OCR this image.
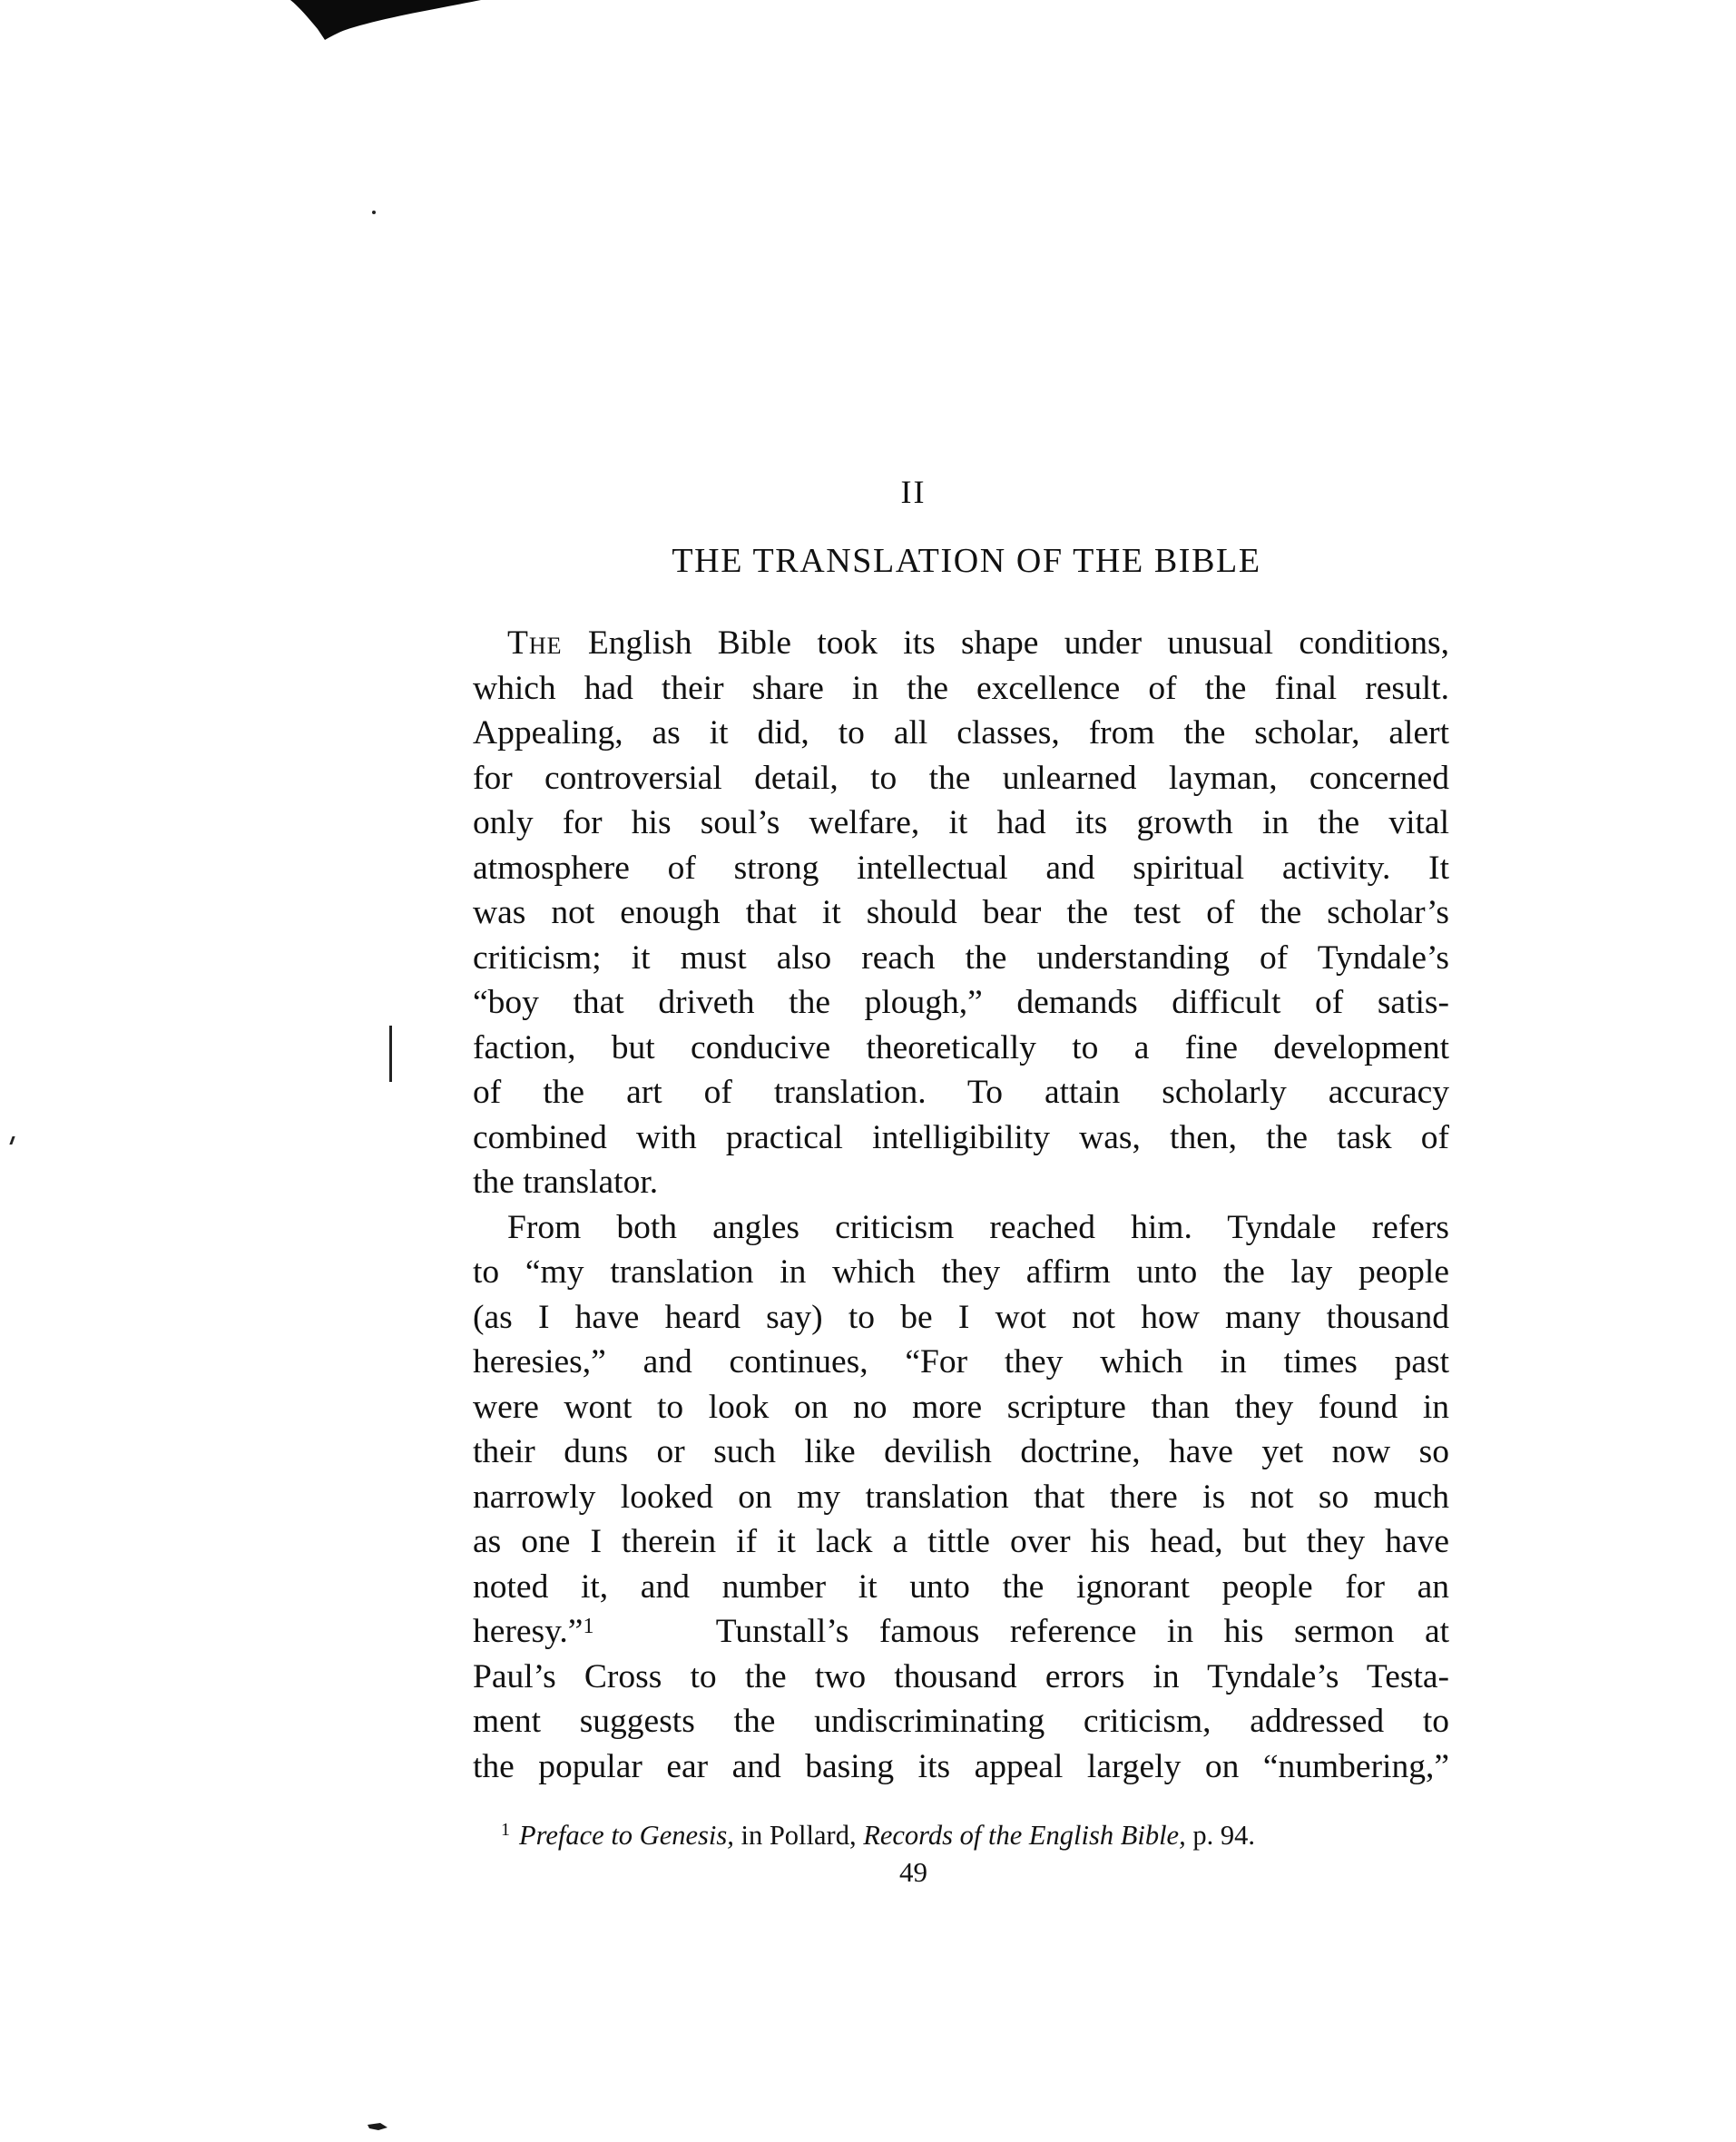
II
THE TRANSLATION OF THE BIBLE
The English Bible took its shape under unusual conditions,
which had their share in the excellence of the final result.
Appealing, as it did, to all classes, from the scholar, alert
for controversial detail, to the unlearned layman, concerned
only for his soul’s welfare, it had its growth in the vital
atmosphere of strong intellectual and spiritual activity. It
was not enough that it should bear the test of the scholar’s
criticism; it must also reach the understanding of Tyndale’s
“boy that driveth the plough,” demands difficult of satis-
faction, but conducive theoretically to a fine development
of the art of translation. To attain scholarly accuracy
combined with practical intelligibility was, then, the task of
the translator.
From both angles criticism reached him. Tyndale refers
to “my translation in which they affirm unto the lay people
(as I have heard say) to be I wot not how many thousand
heresies,” and continues, “For they which in times past
were wont to look on no more scripture than they found in
their duns or such like devilish doctrine, have yet now so
narrowly looked on my translation that there is not so much
as one I therein if it lack a tittle over his head, but they have
noted it, and number it unto the ignorant people for an
heresy.”$^1$	Tunstall’s famous reference in his sermon at
Paul’s Cross to the two thousand errors in Tyndale’s Testa-
ment suggests the undiscriminating criticism, addressed to
the popular ear and basing its appeal largely on “numbering,”
$^1$ Preface to Genesis, in Pollard, Records of the English Bible, p. 94.
49
